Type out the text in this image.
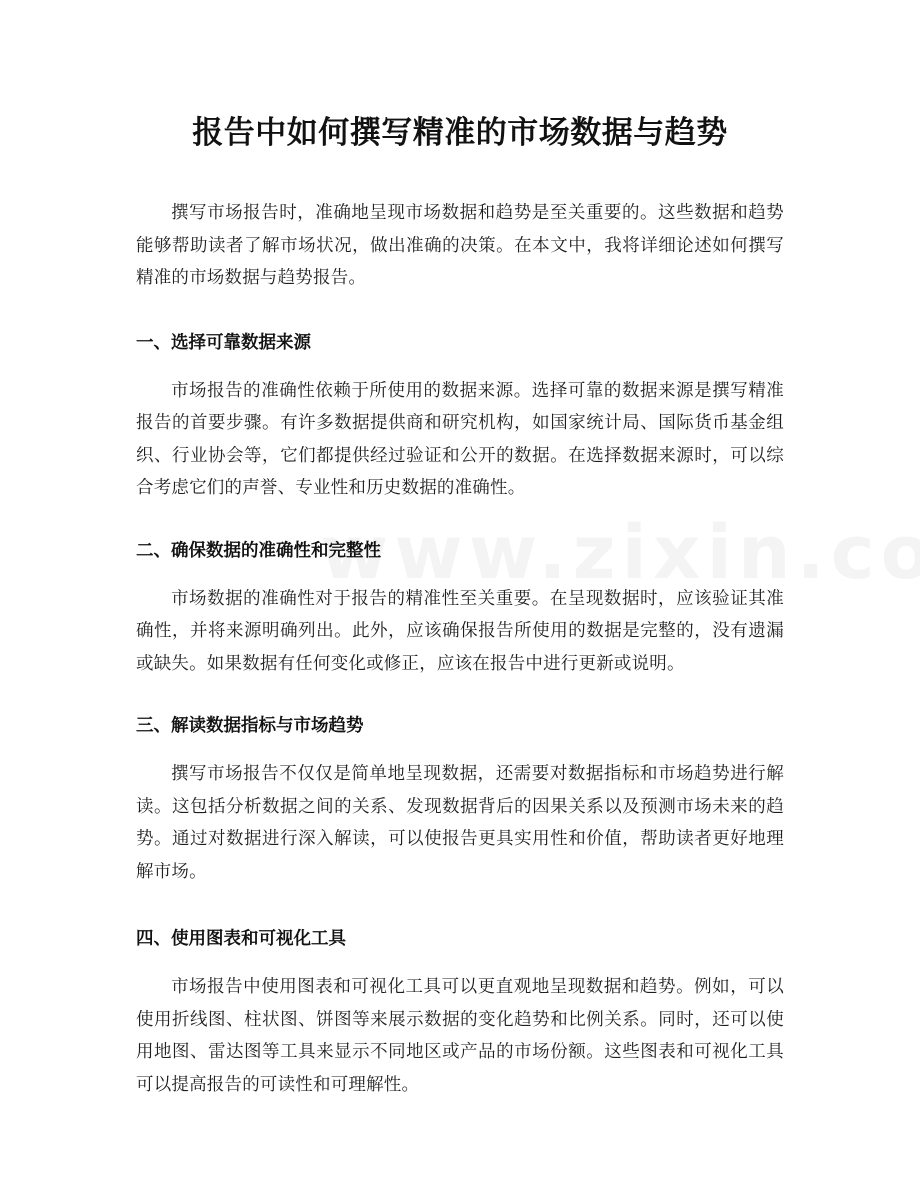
报告中如何撰写精准的市场数据与趋势

撰写市场报告时，准确地呈现市场数据和趋势是至关重要的。这些数据和趋势能够帮助读者了解市场状况，做出准确的决策。在本文中，我将详细论述如何撰写精准的市场数据与趋势报告。

一、选择可靠数据来源

市场报告的准确性依赖于所使用的数据来源。选择可靠的数据来源是撰写精准报告的首要步骤。有许多数据提供商和研究机构，如国家统计局、国际货币基金组织、行业协会等，它们都提供经过验证和公开的数据。在选择数据来源时，可以综合考虑它们的声誉、专业性和历史数据的准确性。

二、确保数据的准确性和完整性

市场数据的准确性对于报告的精准性至关重要。在呈现数据时，应该验证其准确性，并将来源明确列出。此外，应该确保报告所使用的数据是完整的，没有遗漏或缺失。如果数据有任何变化或修正，应该在报告中进行更新或说明。

三、解读数据指标与市场趋势

撰写市场报告不仅仅是简单地呈现数据，还需要对数据指标和市场趋势进行解读。这包括分析数据之间的关系、发现数据背后的因果关系以及预测市场未来的趋势。通过对数据进行深入解读，可以使报告更具实用性和价值，帮助读者更好地理解市场。

四、使用图表和可视化工具

市场报告中使用图表和可视化工具可以更直观地呈现数据和趋势。例如，可以使用折线图、柱状图、饼图等来展示数据的变化趋势和比例关系。同时，还可以使用地图、雷达图等工具来显示不同地区或产品的市场份额。这些图表和可视化工具可以提高报告的可读性和可理解性。
